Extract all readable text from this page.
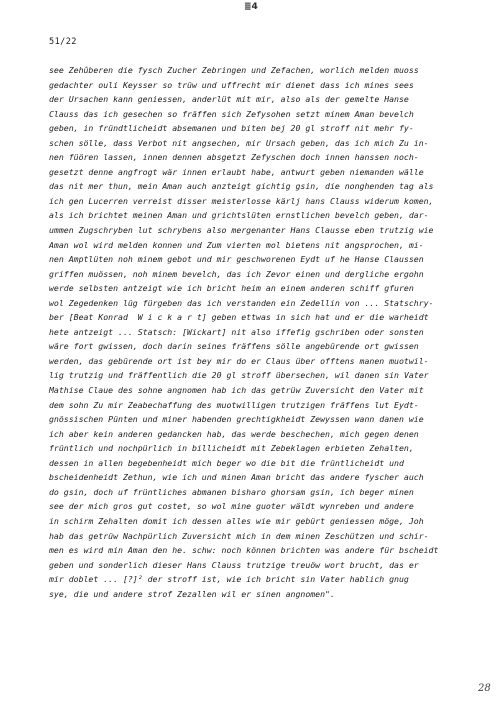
≣4
51/22
see Zehûberen die fysch Zucher Zebringen und Zefachen, worlich melden muoss
gedachter ouli Keysser so trüw und uffrecht mir dienet dass ich mines sees
der Ursachen kann geniessen, anderlüt mit mir, also als der gemelte Hanse
Clauss das ich gesechen so fräffen sich Zefysohen setzt minem Aman bevelch
geben, in fründtlicheidt absemanen und biten bej 20 gl stroff nit mehr fy-
schen sölle, dass Verbot nit angsechen, mir Ursach geben, das ich mich Zu in-
nen füören lassen, innen dennen absgetzt Zefyschen doch innen hanssen noch-
gesetzt denne angfrogt wär innen erlaubt habe, antwurt geben niemanden wälle
das nit mer thun, mein Aman auch anzteigt gichtig gsin, die nonghenden tag als
ich gen Lucerren verreist disser meisterlosse kärlj hans Clauss widerum komen,
als ich brichtet meinen Aman und grichtslüten ernstlichen bevelch geben, dar-
ummen Zugschryben lut schrybens also mergenanter Hans Clausse eben trutzig wie
Aman wol wird melden konnen und Zum vierten mol bietens nit angsprochen, mi-
nen Amptlüten noh minem gebot und mir geschworenen Eydt uf he Hanse Claussen
griffen muössen, noh minem bevelch, das ich Zevor einen und dergliche ergohn
werde selbsten antzeigt wie ich bricht heim an einem anderen schiff gfuren
wol Zegedenken lüg fürgeben das ich verstanden ein Zedellin von ... Statschry-
ber [Beat Konrad  W i c k a r t] geben ettwas in sich hat und er die warheidt
hete antzeigt ... Statsch: [Wickart] nit also iffefig gschriben oder sonsten
wäre fort gwissen, doch darin seines fräffens sölle angebürende ort gwissen
werden, das gebürende ort ist bey mir do er Claus über offtens manen muotwil-
lig trutzig und fräffentlich die 20 gl stroff übersechen, wil danen sin Vater
Mathise Claue des sohne angnomen hab ich das getrüw Zuversicht den Vater mit
dem sohn Zu mir Zeabechaffung des muotwilligen trutzigen fräffens lut Eydt-
gnössischen Pünten und miner habenden grechtigkheidt Zewyssen wann danen wie
ich aber kein anderen gedancken hab, das werde beschechen, mich gegen denen
früntlich und nochpürlich in billicheidt mit Zebeklagen erbieten Zehalten,
dessen in allen begebenheidt mich beger wo die bit die früntlicheidt und
bscheidenheidt Zethun, wie ich und minen Aman bricht das andere fyscher auch
do gsin, doch uf früntliches abmanen bisharo ghorsam gsin, ich beger minen
see der mich gros gut costet, so wol mine guoter wäldt wynreben und andere
in schirm Zehalten domit ich dessen alles wie mir gebürt geniessen möge, Joh
hab das getrüw Nachpürlich Zuversicht mich in dem minen Zeschützen und schir-
men es wird min Aman den he. schw: noch können brichten was andere für bscheidt
geben und sonderlich dieser Hans Clauss trutzige treuöw wort brucht, das er
mir doblet ... [?]² der stroff ist, wie ich bricht sin Vater hablich gnug
sye, die und andere strof Zezallen wil er sinen angnomen".
28
